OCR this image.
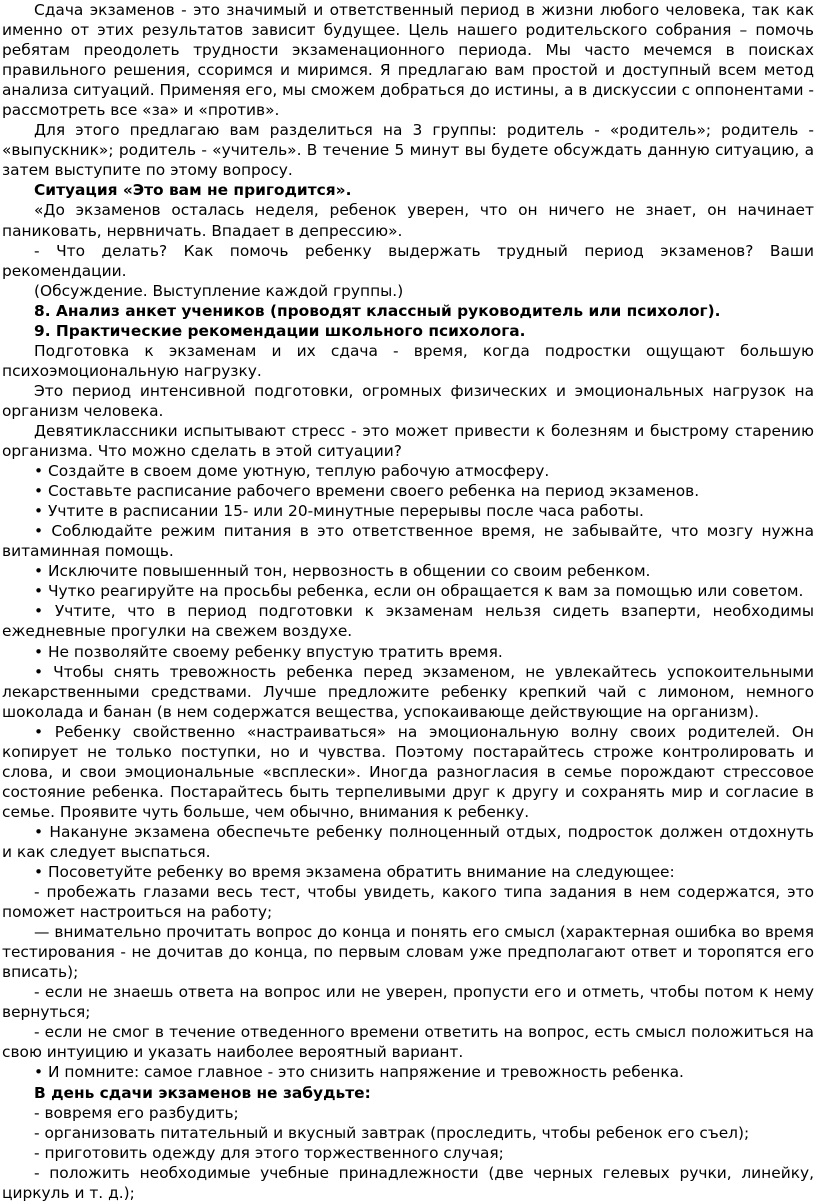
Сдача экзаменов - это значимый и ответственный период в жизни любого человека, так как именно от этих результатов зависит будущее. Цель нашего родительского собрания – помочь ребятам преодолеть трудности экзаменационного периода. Мы часто мечемся в поисках правильного решения, ссоримся и миримся. Я предлагаю вам простой и доступный всем метод анализа ситуаций. Применяя его, мы сможем добраться до истины, а в дискуссии с оппонентами - рассмотреть все «за» и «против».

Для этого предлагаю вам разделиться на 3 группы: родитель - «родитель»; родитель - «выпускник»; родитель - «учитель». В течение 5 минут вы будете обсуждать данную ситуацию, а затем выступите по этому вопросу.

Ситуация «Это вам не пригодится».

«До экзаменов осталась неделя, ребенок уверен, что он ничего не знает, он начинает паниковать, нервничать. Впадает в депрессию».

- Что делать? Как помочь ребенку выдержать трудный период экзаменов? Ваши рекомендации.

(Обсуждение. Выступление каждой группы.)

8. Анализ анкет учеников (проводят классный руководитель или психолог).

9. Практические рекомендации школьного психолога.

Подготовка к экзаменам и их сдача - время, когда подростки ощущают большую психоэмоциональную нагрузку.

Это период интенсивной подготовки, огромных физических и эмоциональных нагрузок на организм человека.

Девятиклассники испытывают стресс - это может привести к болезням и быстрому старению организма. Что можно сделать в этой ситуации?

• Создайте в своем доме уютную, теплую рабочую атмосферу.

• Составьте расписание рабочего времени своего ребенка на период экзаменов.

• Учтите в расписании 15- или 20-минутные перерывы после часа работы.

• Соблюдайте режим питания в это ответственное время, не забывайте, что мозгу нужна витаминная помощь.

• Исключите повышенный тон, нервозность в общении со своим ребенком.

• Чутко реагируйте на просьбы ребенка, если он обращается к вам за помощью или советом.

• Учтите, что в период подготовки к экзаменам нельзя сидеть взаперти, необходимы ежедневные прогулки на свежем воздухе.

• Не позволяйте своему ребенку впустую тратить время.

• Чтобы снять тревожность ребенка перед экзаменом, не увлекайтесь успокоительными лекарственными средствами. Лучше предложите ребенку крепкий чай с лимоном, немного шоколада и банан (в нем содержатся вещества, успокаивающе действующие на организм).

• Ребенку свойственно «настраиваться» на эмоциональную волну своих родителей. Он копирует не только поступки, но и чувства. Поэтому постарайтесь строже контролировать и слова, и свои эмоциональные «всплески». Иногда разногласия в семье порождают стрессовое состояние ребенка. Постарайтесь быть терпеливыми друг к другу и сохранять мир и согласие в семье. Проявите чуть больше, чем обычно, внимания к ребенку.

• Накануне экзамена обеспечьте ребенку полноценный отдых, подросток должен отдохнуть и как следует выспаться.

• Посоветуйте ребенку во время экзамена обратить внимание на следующее:

- пробежать глазами весь тест, чтобы увидеть, какого типа задания в нем содержатся, это поможет настроиться на работу;

— внимательно прочитать вопрос до конца и понять его смысл (характерная ошибка во время тестирования - не дочитав до конца, по первым словам уже предполагают ответ и торопятся его вписать);

- если не знаешь ответа на вопрос или не уверен, пропусти его и отметь, чтобы потом к нему вернуться;

- если не смог в течение отведенного времени ответить на вопрос, есть смысл положиться на свою интуицию и указать наиболее вероятный вариант.

• И помните: самое главное - это снизить напряжение и тревожность ребенка.

В день сдачи экзаменов не забудьте:

- вовремя его разбудить;

- организовать питательный и вкусный завтрак (проследить, чтобы ребенок его съел);

- приготовить одежду для этого торжественного случая;

- положить необходимые учебные принадлежности (две черных гелевых ручки, линейку, циркуль и т. д.);
